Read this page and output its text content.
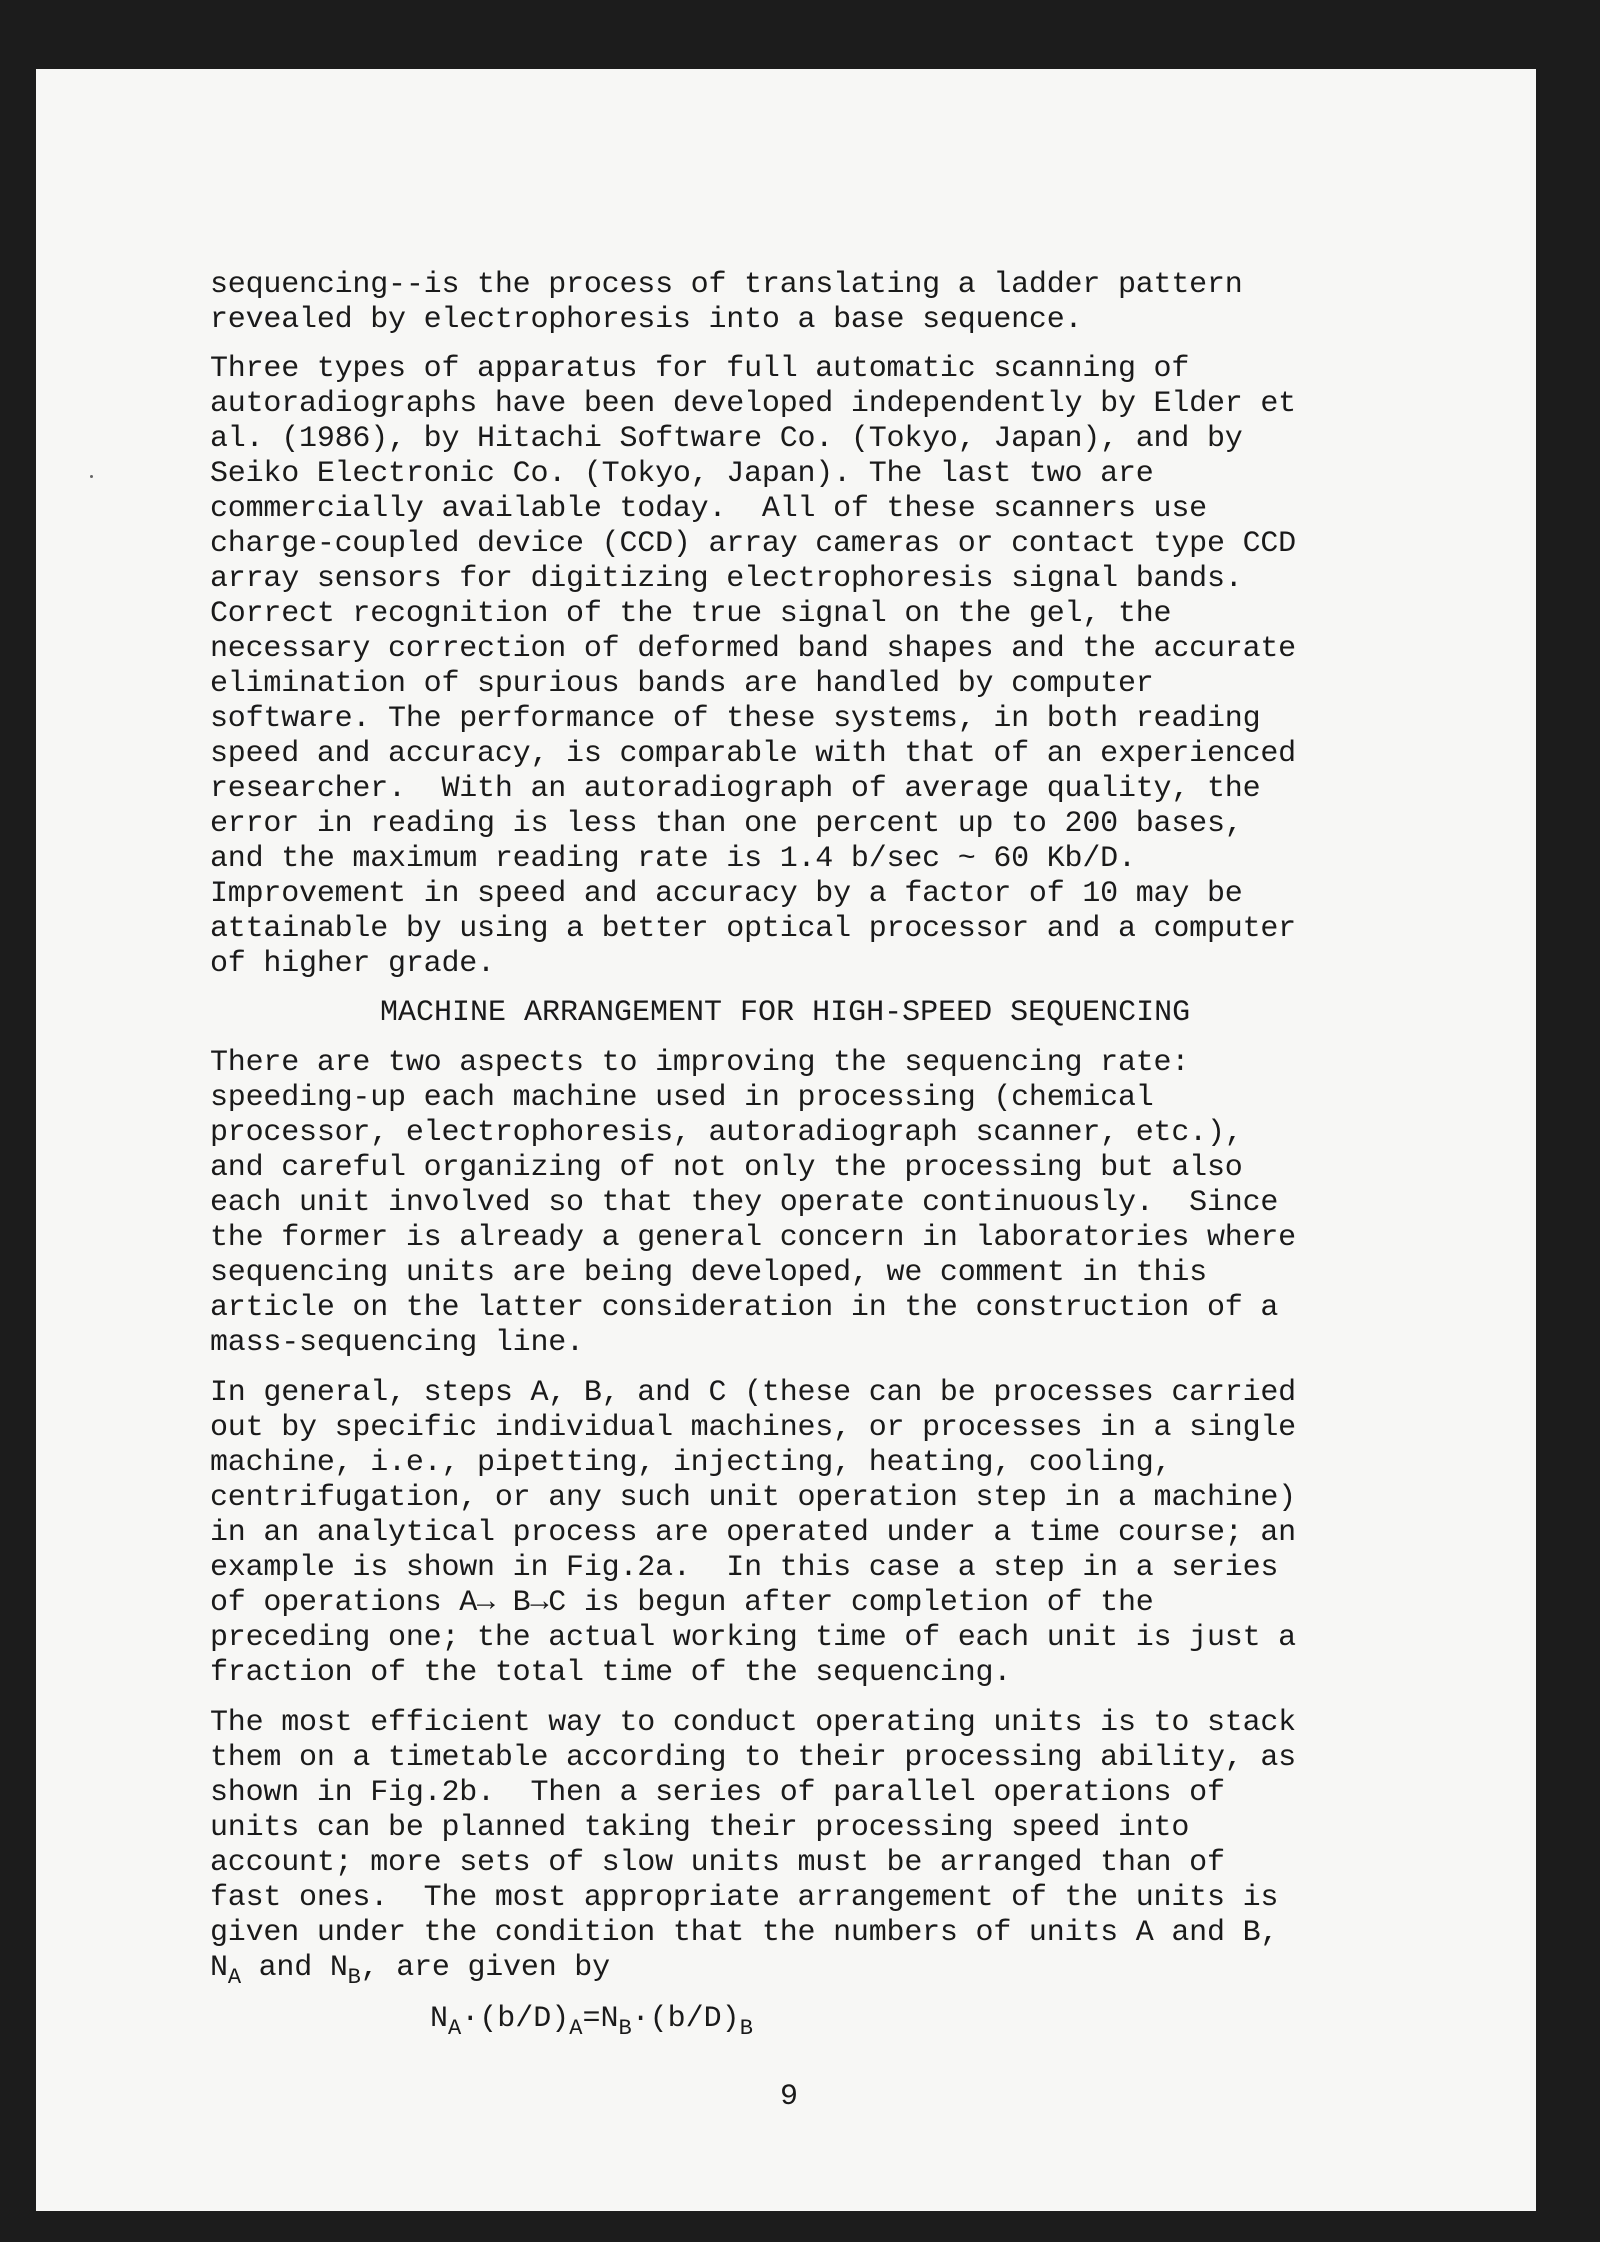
sequencing--is the process of translating a ladder pattern
revealed by electrophoresis into a base sequence.
Three types of apparatus for full automatic scanning of
autoradiographs have been developed independently by Elder et
al. (1986), by Hitachi Software Co. (Tokyo, Japan), and by
Seiko Electronic Co. (Tokyo, Japan). The last two are
commercially available today.  All of these scanners use
charge-coupled device (CCD) array cameras or contact type CCD
array sensors for digitizing electrophoresis signal bands.
Correct recognition of the true signal on the gel, the
necessary correction of deformed band shapes and the accurate
elimination of spurious bands are handled by computer
software. The performance of these systems, in both reading
speed and accuracy, is comparable with that of an experienced
researcher.  With an autoradiograph of average quality, the
error in reading is less than one percent up to 200 bases,
and the maximum reading rate is 1.4 b/sec ~ 60 Kb/D.
Improvement in speed and accuracy by a factor of 10 may be
attainable by using a better optical processor and a computer
of higher grade.
MACHINE ARRANGEMENT FOR HIGH-SPEED SEQUENCING
There are two aspects to improving the sequencing rate:
speeding-up each machine used in processing (chemical
processor, electrophoresis, autoradiograph scanner, etc.),
and careful organizing of not only the processing but also
each unit involved so that they operate continuously.  Since
the former is already a general concern in laboratories where
sequencing units are being developed, we comment in this
article on the latter consideration in the construction of a
mass-sequencing line.
In general, steps A, B, and C (these can be processes carried
out by specific individual machines, or processes in a single
machine, i.e., pipetting, injecting, heating, cooling,
centrifugation, or any such unit operation step in a machine)
in an analytical process are operated under a time course; an
example is shown in Fig.2a.  In this case a step in a series
of operations A→ B→C is begun after completion of the
preceding one; the actual working time of each unit is just a
fraction of the total time of the sequencing.
The most efficient way to conduct operating units is to stack
them on a timetable according to their processing ability, as
shown in Fig.2b.  Then a series of parallel operations of
units can be planned taking their processing speed into
account; more sets of slow units must be arranged than of
fast ones.  The most appropriate arrangement of the units is
given under the condition that the numbers of units A and B,
$N_A$ and $N_B$, are given by
$N_A\cdot(b/D)_A=N_B\cdot(b/D)_B$
9
